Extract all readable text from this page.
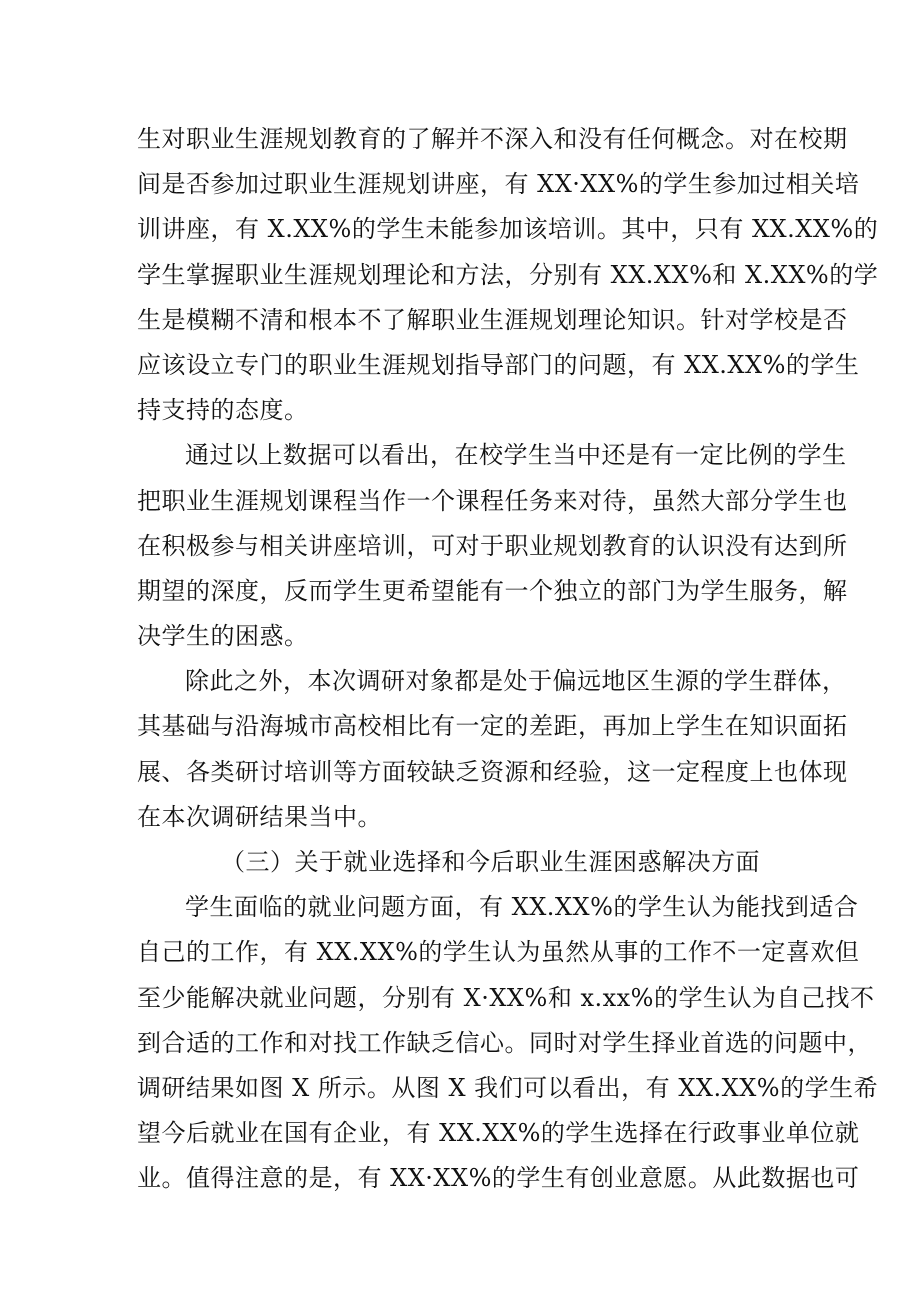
生对职业生涯规划教育的了解并不深入和没有任何概念。对在校期
间是否参加过职业生涯规划讲座，有 XX·XX%的学生参加过相关培
训讲座，有 X.XX%的学生未能参加该培训。其中，只有 XX.XX%的
学生掌握职业生涯规划理论和方法，分别有 XX.XX%和 X.XX%的学
生是模糊不清和根本不了解职业生涯规划理论知识。针对学校是否
应该设立专门的职业生涯规划指导部门的问题，有 XX.XX%的学生
持支持的态度。
通过以上数据可以看出，在校学生当中还是有一定比例的学生
把职业生涯规划课程当作一个课程任务来对待，虽然大部分学生也
在积极参与相关讲座培训，可对于职业规划教育的认识没有达到所
期望的深度，反而学生更希望能有一个独立的部门为学生服务，解
决学生的困惑。
除此之外，本次调研对象都是处于偏远地区生源的学生群体，
其基础与沿海城市高校相比有一定的差距，再加上学生在知识面拓
展、各类研讨培训等方面较缺乏资源和经验，这一定程度上也体现
在本次调研结果当中。
（三）关于就业选择和今后职业生涯困惑解决方面
学生面临的就业问题方面，有 XX.XX%的学生认为能找到适合
自己的工作，有 XX.XX%的学生认为虽然从事的工作不一定喜欢但
至少能解决就业问题，分别有 X·XX%和 x.xx%的学生认为自己找不
到合适的工作和对找工作缺乏信心。同时对学生择业首选的问题中，
调研结果如图 X 所示。从图 X 我们可以看出，有 XX.XX%的学生希
望今后就业在国有企业，有 XX.XX%的学生选择在行政事业单位就
业。值得注意的是，有 XX·XX%的学生有创业意愿。从此数据也可
